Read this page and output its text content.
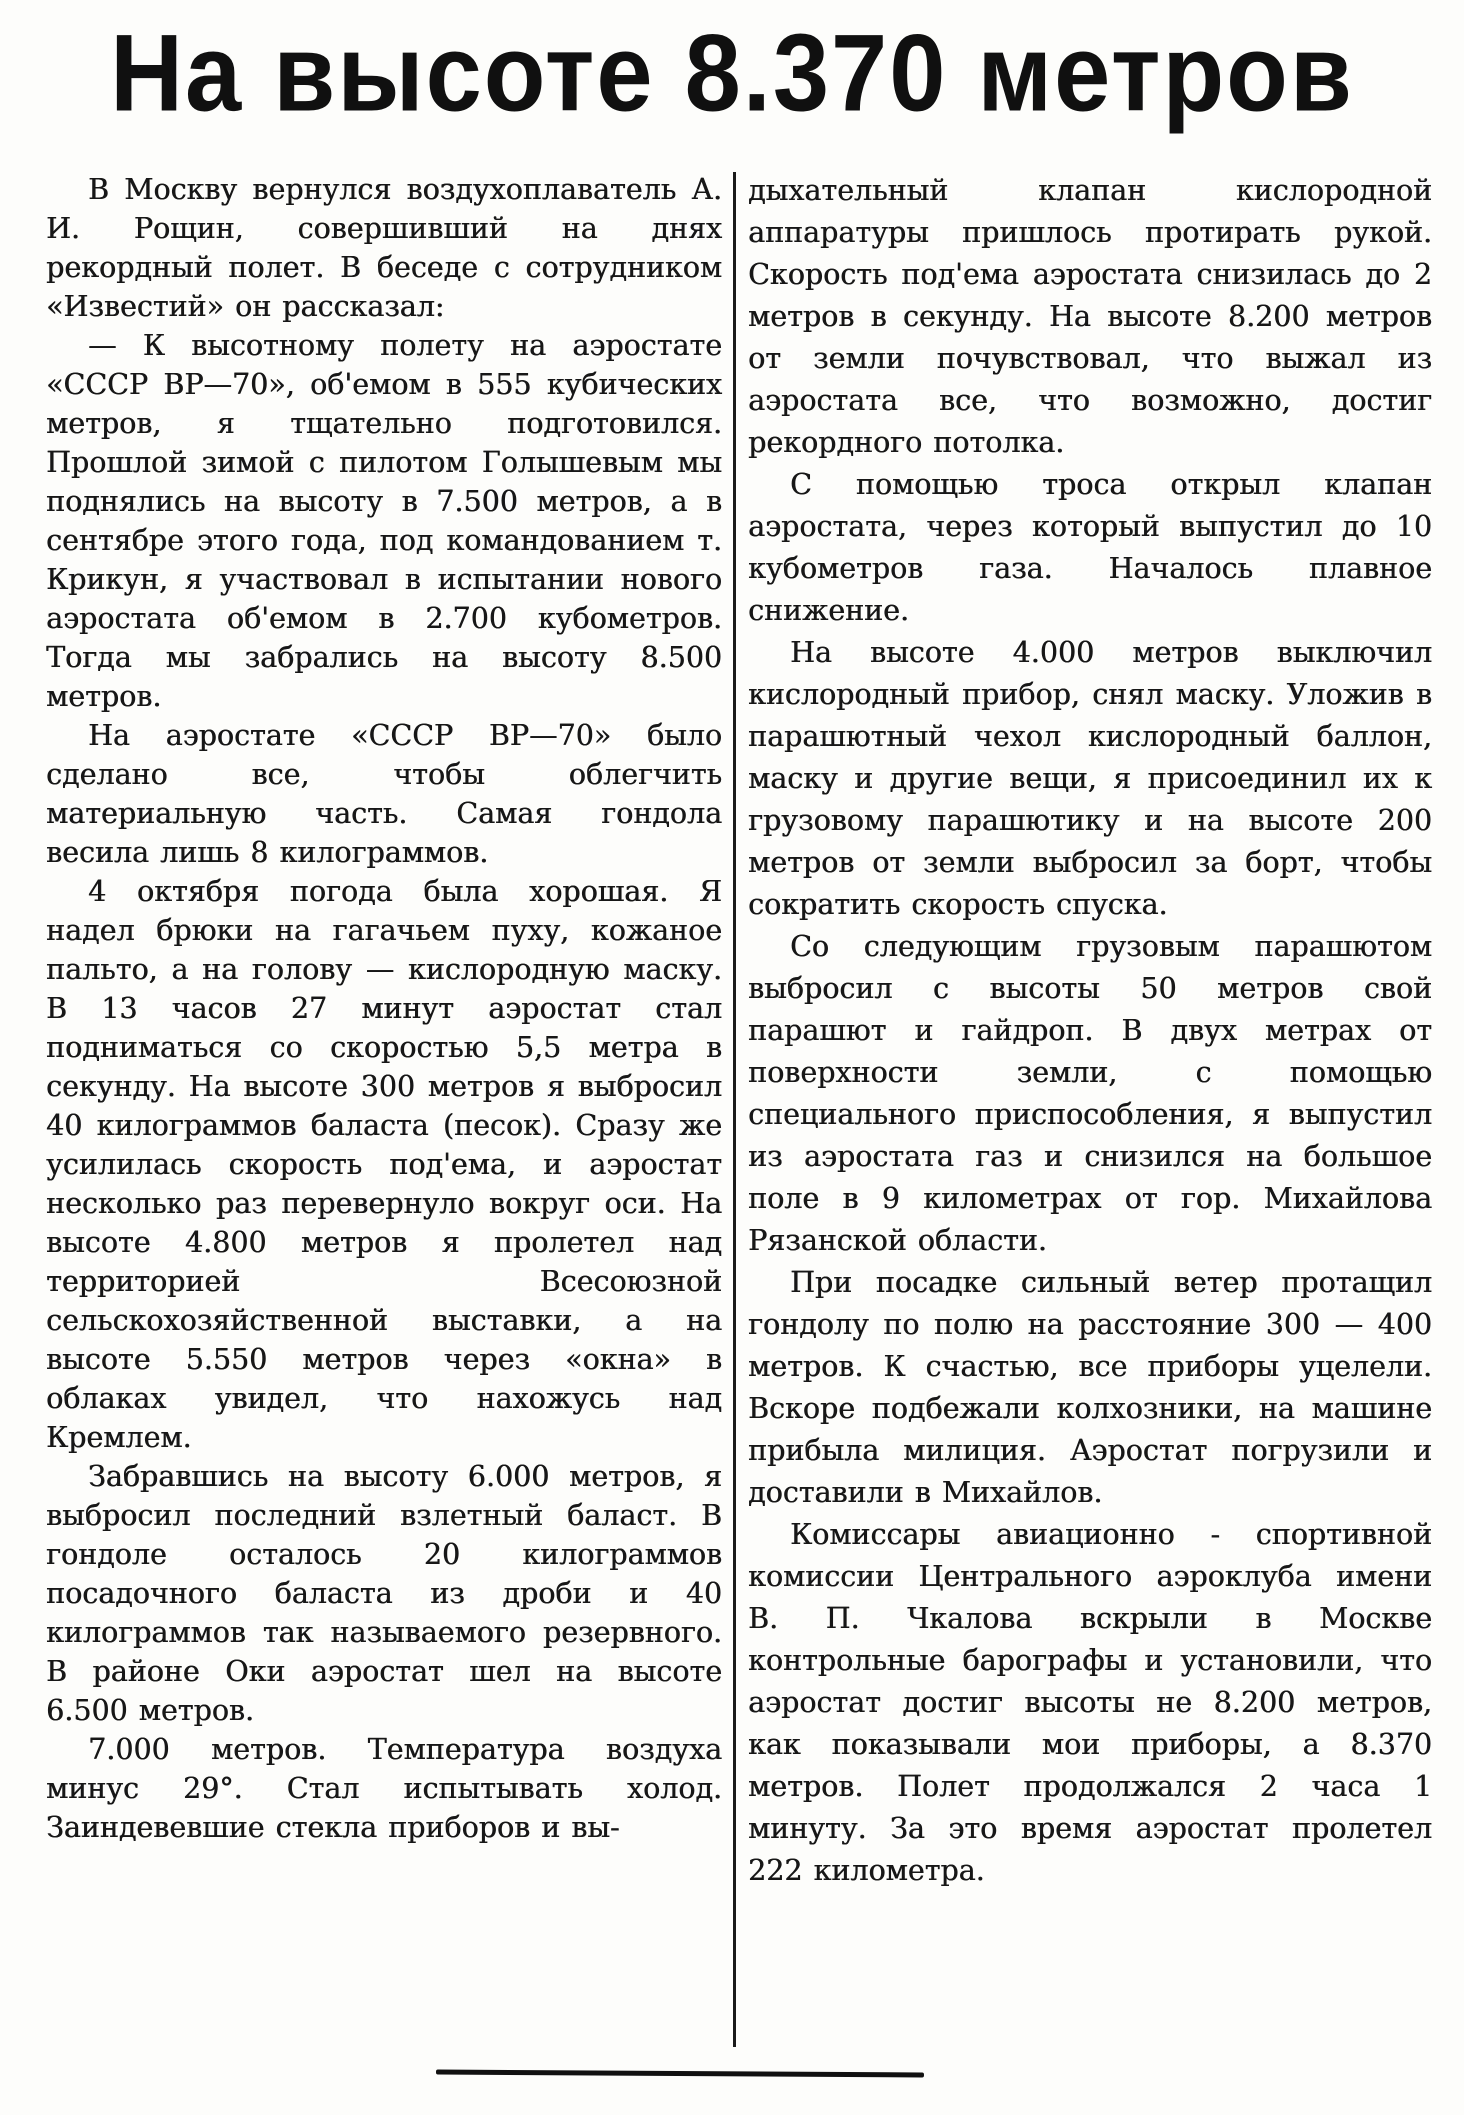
На высоте 8.370 метров

В Москву вернулся воздухоплаватель А. И. Рощин, совершивший на днях рекордный полет. В беседе с сотрудником «Известий» он рассказал:

— К высотному полету на аэростате «СССР ВР—70», об'емом в 555 кубических метров, я тщательно подготовился. Прошлой зимой с пилотом Голышевым мы поднялись на высоту в 7.500 метров, а в сентябре этого года, под командованием т. Крикун, я участвовал в испытании нового аэростата об'емом в 2.700 кубометров. Тогда мы забрались на высоту 8.500 метров.

На аэростате «СССР ВР—70» было сделано все, чтобы облегчить материальную часть. Самая гондола весила лишь 8 килограммов.

4 октября погода была хорошая. Я надел брюки на гагачьем пуху, кожаное пальто, а на голову — кислородную маску. В 13 часов 27 минут аэростат стал подниматься со скоростью 5,5 метра в секунду. На высоте 300 метров я выбросил 40 килограммов баласта (песок). Сразу же усилилась скорость под'ема, и аэростат несколько раз перевернуло вокруг оси. На высоте 4.800 метров я пролетел над территорией Всесоюзной сельскохозяйственной выставки, а на высоте 5.550 метров через «окна» в облаках увидел, что нахожусь над Кремлем.

Забравшись на высоту 6.000 метров, я выбросил последний взлетный баласт. В гондоле осталось 20 килограммов посадочного баласта из дроби и 40 килограммов так называемого резервного. В районе Оки аэростат шел на высоте 6.500 метров.

7.000 метров. Температура воздуха минус 29°. Стал испытывать холод. Заиндевевшие стекла приборов и вы-

дыхательный клапан кислородной аппаратуры пришлось протирать рукой. Скорость под'ема аэростата снизилась до 2 метров в секунду. На высоте 8.200 метров от земли почувствовал, что выжал из аэростата все, что возможно, достиг рекордного потолка.

С помощью троса открыл клапан аэростата, через который выпустил до 10 кубометров газа. Началось плавное снижение.

На высоте 4.000 метров выключил кислородный прибор, снял маску. Уложив в парашютный чехол кислородный баллон, маску и другие вещи, я присоединил их к грузовому парашютику и на высоте 200 метров от земли выбросил за борт, чтобы сократить скорость спуска.

Со следующим грузовым парашютом выбросил с высоты 50 метров свой парашют и гайдроп. В двух метрах от поверхности земли, с помощью специального приспособления, я выпустил из аэростата газ и снизился на большое поле в 9 километрах от гор. Михайлова Рязанской области.

При посадке сильный ветер протащил гондолу по полю на расстояние 300 — 400 метров. К счастью, все приборы уцелели. Вскоре подбежали колхозники, на машине прибыла милиция. Аэростат погрузили и доставили в Михайлов.

Комиссары авиационно - спортивной комиссии Центрального аэроклуба имени В. П. Чкалова вскрыли в Москве контрольные барографы и установили, что аэростат достиг высоты не 8.200 метров, как показывали мои приборы, а 8.370 метров. Полет продолжался 2 часа 1 минуту. За это время аэростат пролетел 222 километра.
